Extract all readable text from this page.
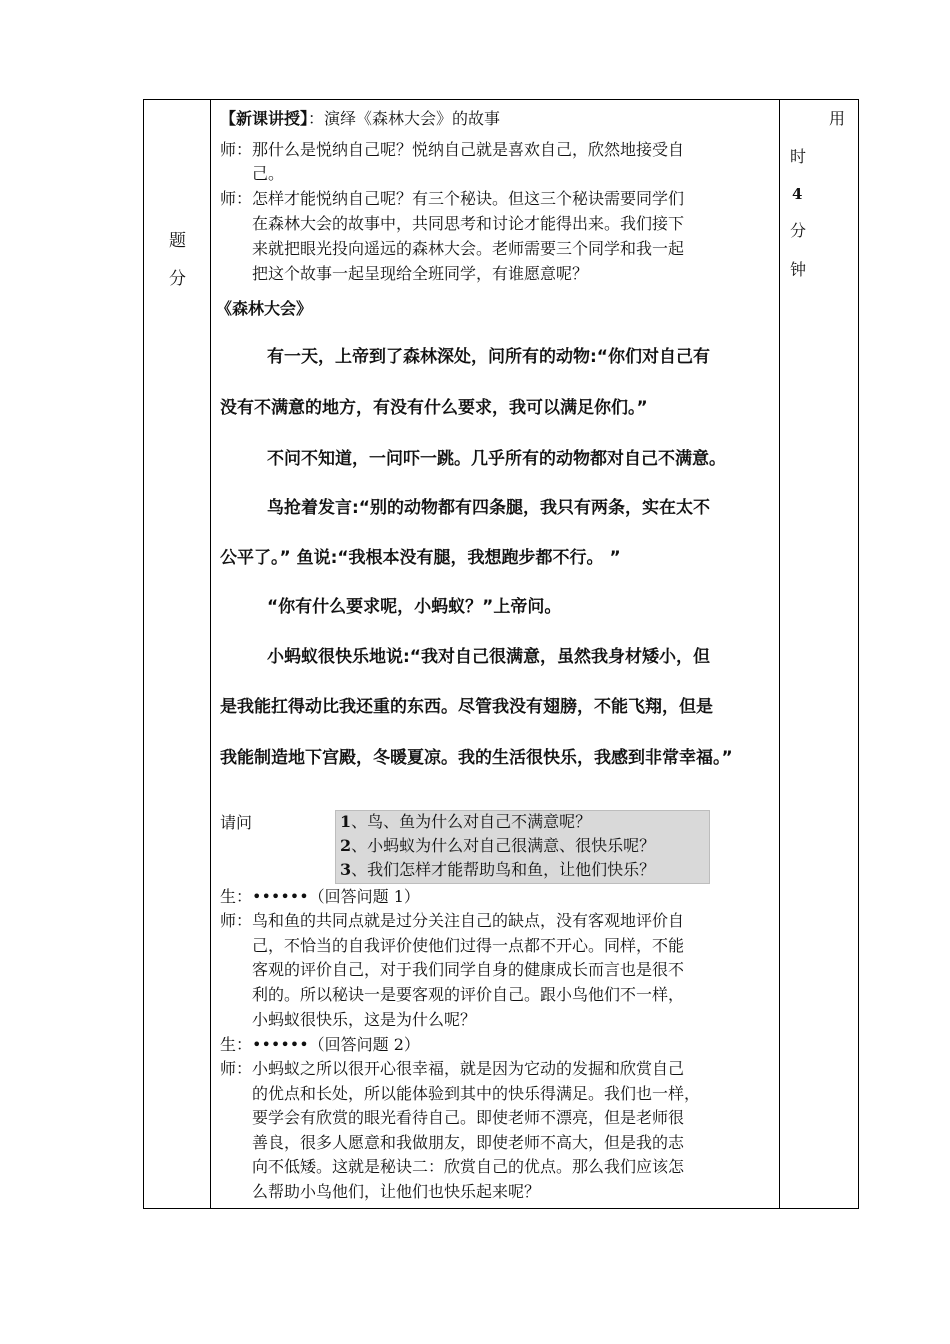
题
分
用
时
4
分
钟
【新课讲授】：演绎《森林大会》的故事
师：那什么是悦纳自己呢？悦纳自己就是喜欢自己，欣然地接受自
己。
师：怎样才能悦纳自己呢？有三个秘诀。但这三个秘诀需要同学们
在森林大会的故事中，共同思考和讨论才能得出来。我们接下
来就把眼光投向遥远的森林大会。老师需要三个同学和我一起
把这个故事一起呈现给全班同学，有谁愿意呢？
《森林大会》
有一天，上帝到了森林深处，问所有的动物:“你们对自己有
没有不满意的地方，有没有什么要求，我可以满足你们。”
不问不知道，一问吓一跳。几乎所有的动物都对自己不满意。
鸟抢着发言:“别的动物都有四条腿，我只有两条，实在太不
公平了。” 鱼说:“我根本没有腿，我想跑步都不行。 ”
“你有什么要求呢，小蚂蚁？”上帝问。
小蚂蚁很快乐地说:“我对自己很满意，虽然我身材矮小，但
是我能扛得动比我还重的东西。尽管我没有翅膀，不能飞翔，但是
我能制造地下宫殿，冬暖夏凉。我的生活很快乐，我感到非常幸福。”
请问	1、鸟、鱼为什么对自己不满意呢？
2、小蚂蚁为什么对自己很满意、很快乐呢？
3、我们怎样才能帮助鸟和鱼，让他们快乐？
生：••••••（回答问题 1）
师：鸟和鱼的共同点就是过分关注自己的缺点，没有客观地评价自
己，不恰当的自我评价使他们过得一点都不开心。同样，不能
客观的评价自己，对于我们同学自身的健康成长而言也是很不
利的。所以秘诀一是要客观的评价自己。跟小鸟他们不一样，
小蚂蚁很快乐，这是为什么呢？
生：••••••（回答问题 2）
师：小蚂蚁之所以很开心很幸福，就是因为它动的发掘和欣赏自己
的优点和长处，所以能体验到其中的快乐得满足。我们也一样，
要学会有欣赏的眼光看待自己。即使老师不漂亮，但是老师很
善良，很多人愿意和我做朋友，即使老师不高大，但是我的志
向不低矮。这就是秘诀二：欣赏自己的优点。那么我们应该怎
么帮助小鸟他们，让他们也快乐起来呢？
